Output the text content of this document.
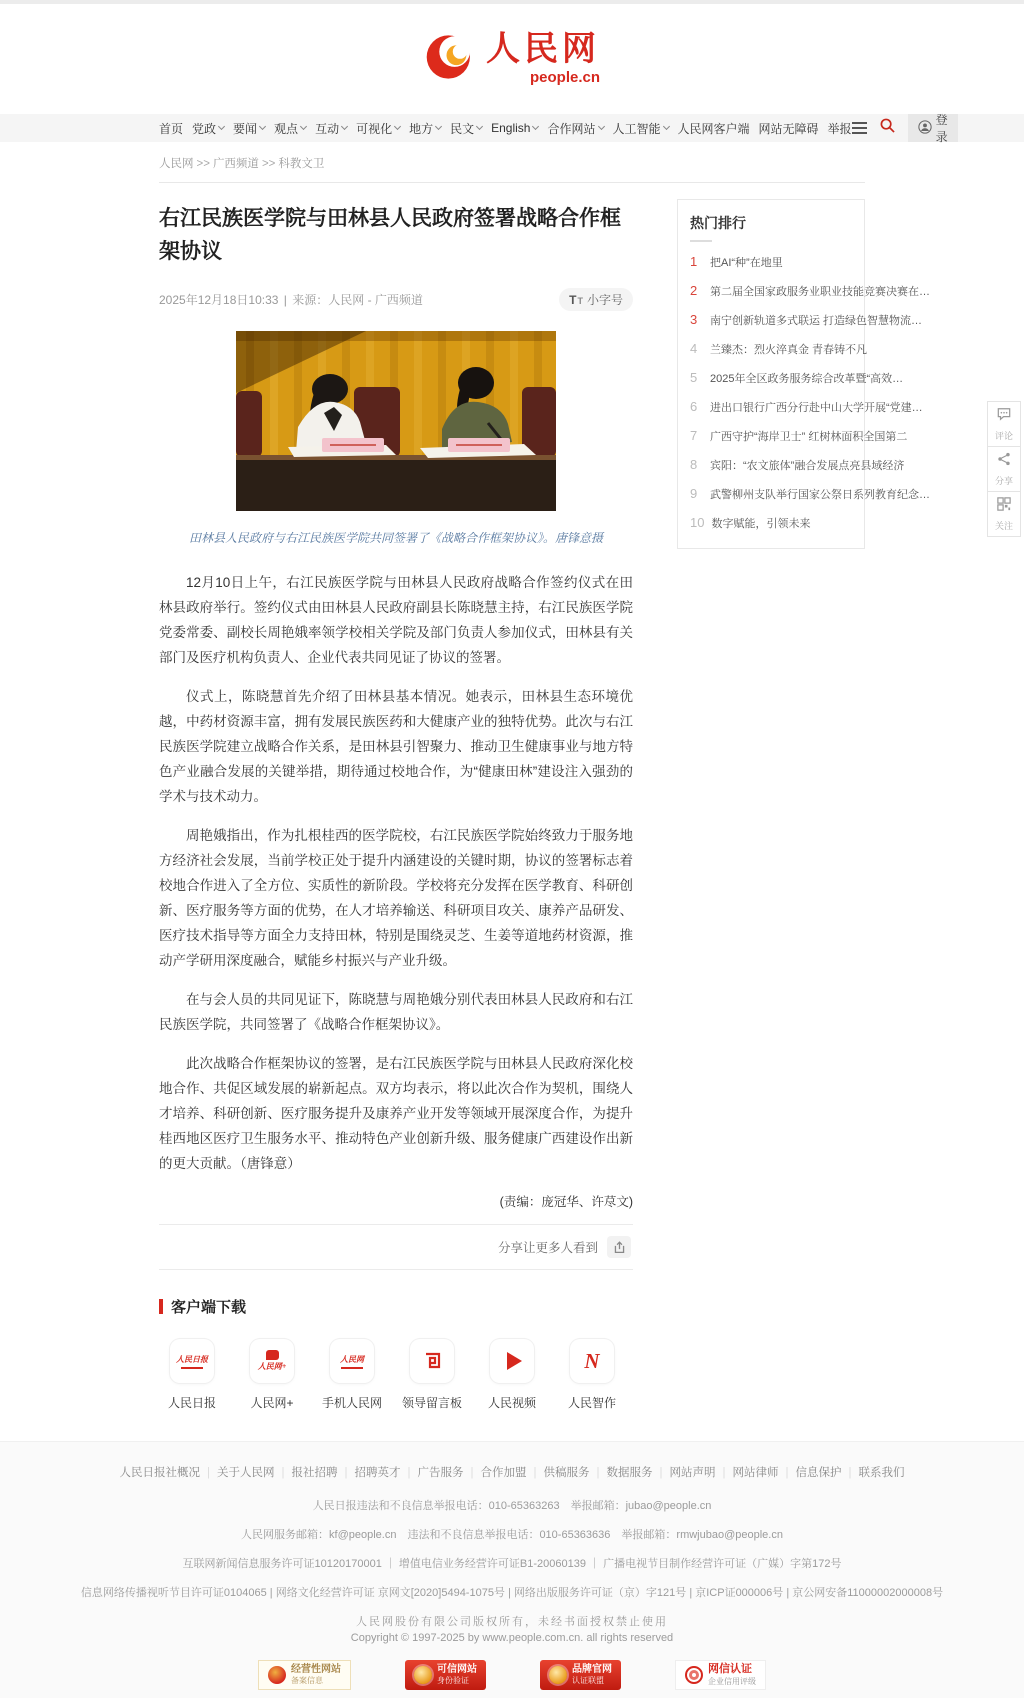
人民网
people.cn
首页 党政	要闻	观点	互动	可视化	地方	民文	English	合作网站	人工智能	人民网客户端 网站无障碍 举报
登录
人民网 >> 广西频道 >> 科教文卫
右江民族医学院与田林县人民政府签署战略合作框架协议
2025年12月18日10:33 | 来源：人民网 - 广西频道	T T 小字号
田林县人民政府与右江民族医学院共同签署了《战略合作框架协议》。唐锋意摄

12月10日上午，右江民族医学院与田林县人民政府战略合作签约仪式在田林县政府举行。签约仪式由田林县人民政府副县长陈晓慧主持，右江民族医学院党委常委、副校长周艳娥率领学校相关学院及部门负责人参加仪式，田林县有关部门及医疗机构负责人、企业代表共同见证了协议的签署。

仪式上，陈晓慧首先介绍了田林县基本情况。她表示，田林县生态环境优越，中药材资源丰富，拥有发展民族医药和大健康产业的独特优势。此次与右江民族医学院建立战略合作关系，是田林县引智聚力、推动卫生健康事业与地方特色产业融合发展的关键举措，期待通过校地合作，为“健康田林”建设注入强劲的学术与技术动力。

周艳娥指出，作为扎根桂西的医学院校，右江民族医学院始终致力于服务地方经济社会发展，当前学校正处于提升内涵建设的关键时期，协议的签署标志着校地合作进入了全方位、实质性的新阶段。学校将充分发挥在医学教育、科研创新、医疗服务等方面的优势，在人才培养输送、科研项目攻关、康养产品研发、医疗技术指导等方面全力支持田林，特别是围绕灵芝、生姜等道地药材资源，推动产学研用深度融合，赋能乡村振兴与产业升级。

在与会人员的共同见证下，陈晓慧与周艳娥分别代表田林县人民政府和右江民族医学院，共同签署了《战略合作框架协议》。

此次战略合作框架协议的签署，是右江民族医学院与田林县人民政府深化校地合作、共促区域发展的崭新起点。双方均表示，将以此次合作为契机，围绕人才培养、科研创新、医疗服务提升及康养产业开发等领域开展深度合作，为提升桂西地区医疗卫生服务水平、推动特色产业创新升级、服务健康广西建设作出新的更大贡献。（唐锋意）

(责编：庞冠华、许荩文)
分享让更多人看到
热门排行
1	把AI“种”在地里
2	第二届全国家政服务业职业技能竞赛决赛在…
3	南宁创新轨道多式联运 打造绿色智慧物流…
4	兰臻杰：烈火淬真金 青春铸不凡
5	2025年全区政务服务综合改革暨“高效…
6	进出口银行广西分行赴中山大学开展“党建…
7	广西守护“海岸卫士” 红树林面积全国第二
8	宾阳：“农文旅体”融合发展点亮县域经济
9	武警柳州支队举行国家公祭日系列教育纪念…
10 数字赋能，引领未来
客户端下载
人民日报
人民日报
人民网+
人民网+
人民网
手机人民网 领导留言板 人民视频
N
人民智作
人民日报社概况 | 关于人民网 | 报社招聘 | 招聘英才 | 广告服务 | 合作加盟 | 供稿服务 | 数据服务 | 网站声明 | 网站律师 | 信息保护 | 联系我们
人民日报违法和不良信息举报电话：010-65363263　举报邮箱：jubao@people.cn
人民网服务邮箱：kf@people.cn　违法和不良信息举报电话：010-65363636　举报邮箱：rmwjubao@people.cn
互联网新闻信息服务许可证10120170001 ｜ 增值电信业务经营许可证B1-20060139 ｜ 广播电视节目制作经营许可证（广媒）字第172号
信息网络传播视听节目许可证0104065 | 网络文化经营许可证 京网文[2020]5494-1075号 | 网络出版服务许可证（京）字121号 | 京ICP证000006号 | 京公网安备11000002000008号
人民网股份有限公司版权所有，未经书面授权禁止使用
Copyright © 1997-2025 by www.people.com.cn. all rights reserved
经营性网站
备案信息
可信网站
身份验证
品牌官网
认证联盟
网信认证
企业信用评级
评论
分享
关注
